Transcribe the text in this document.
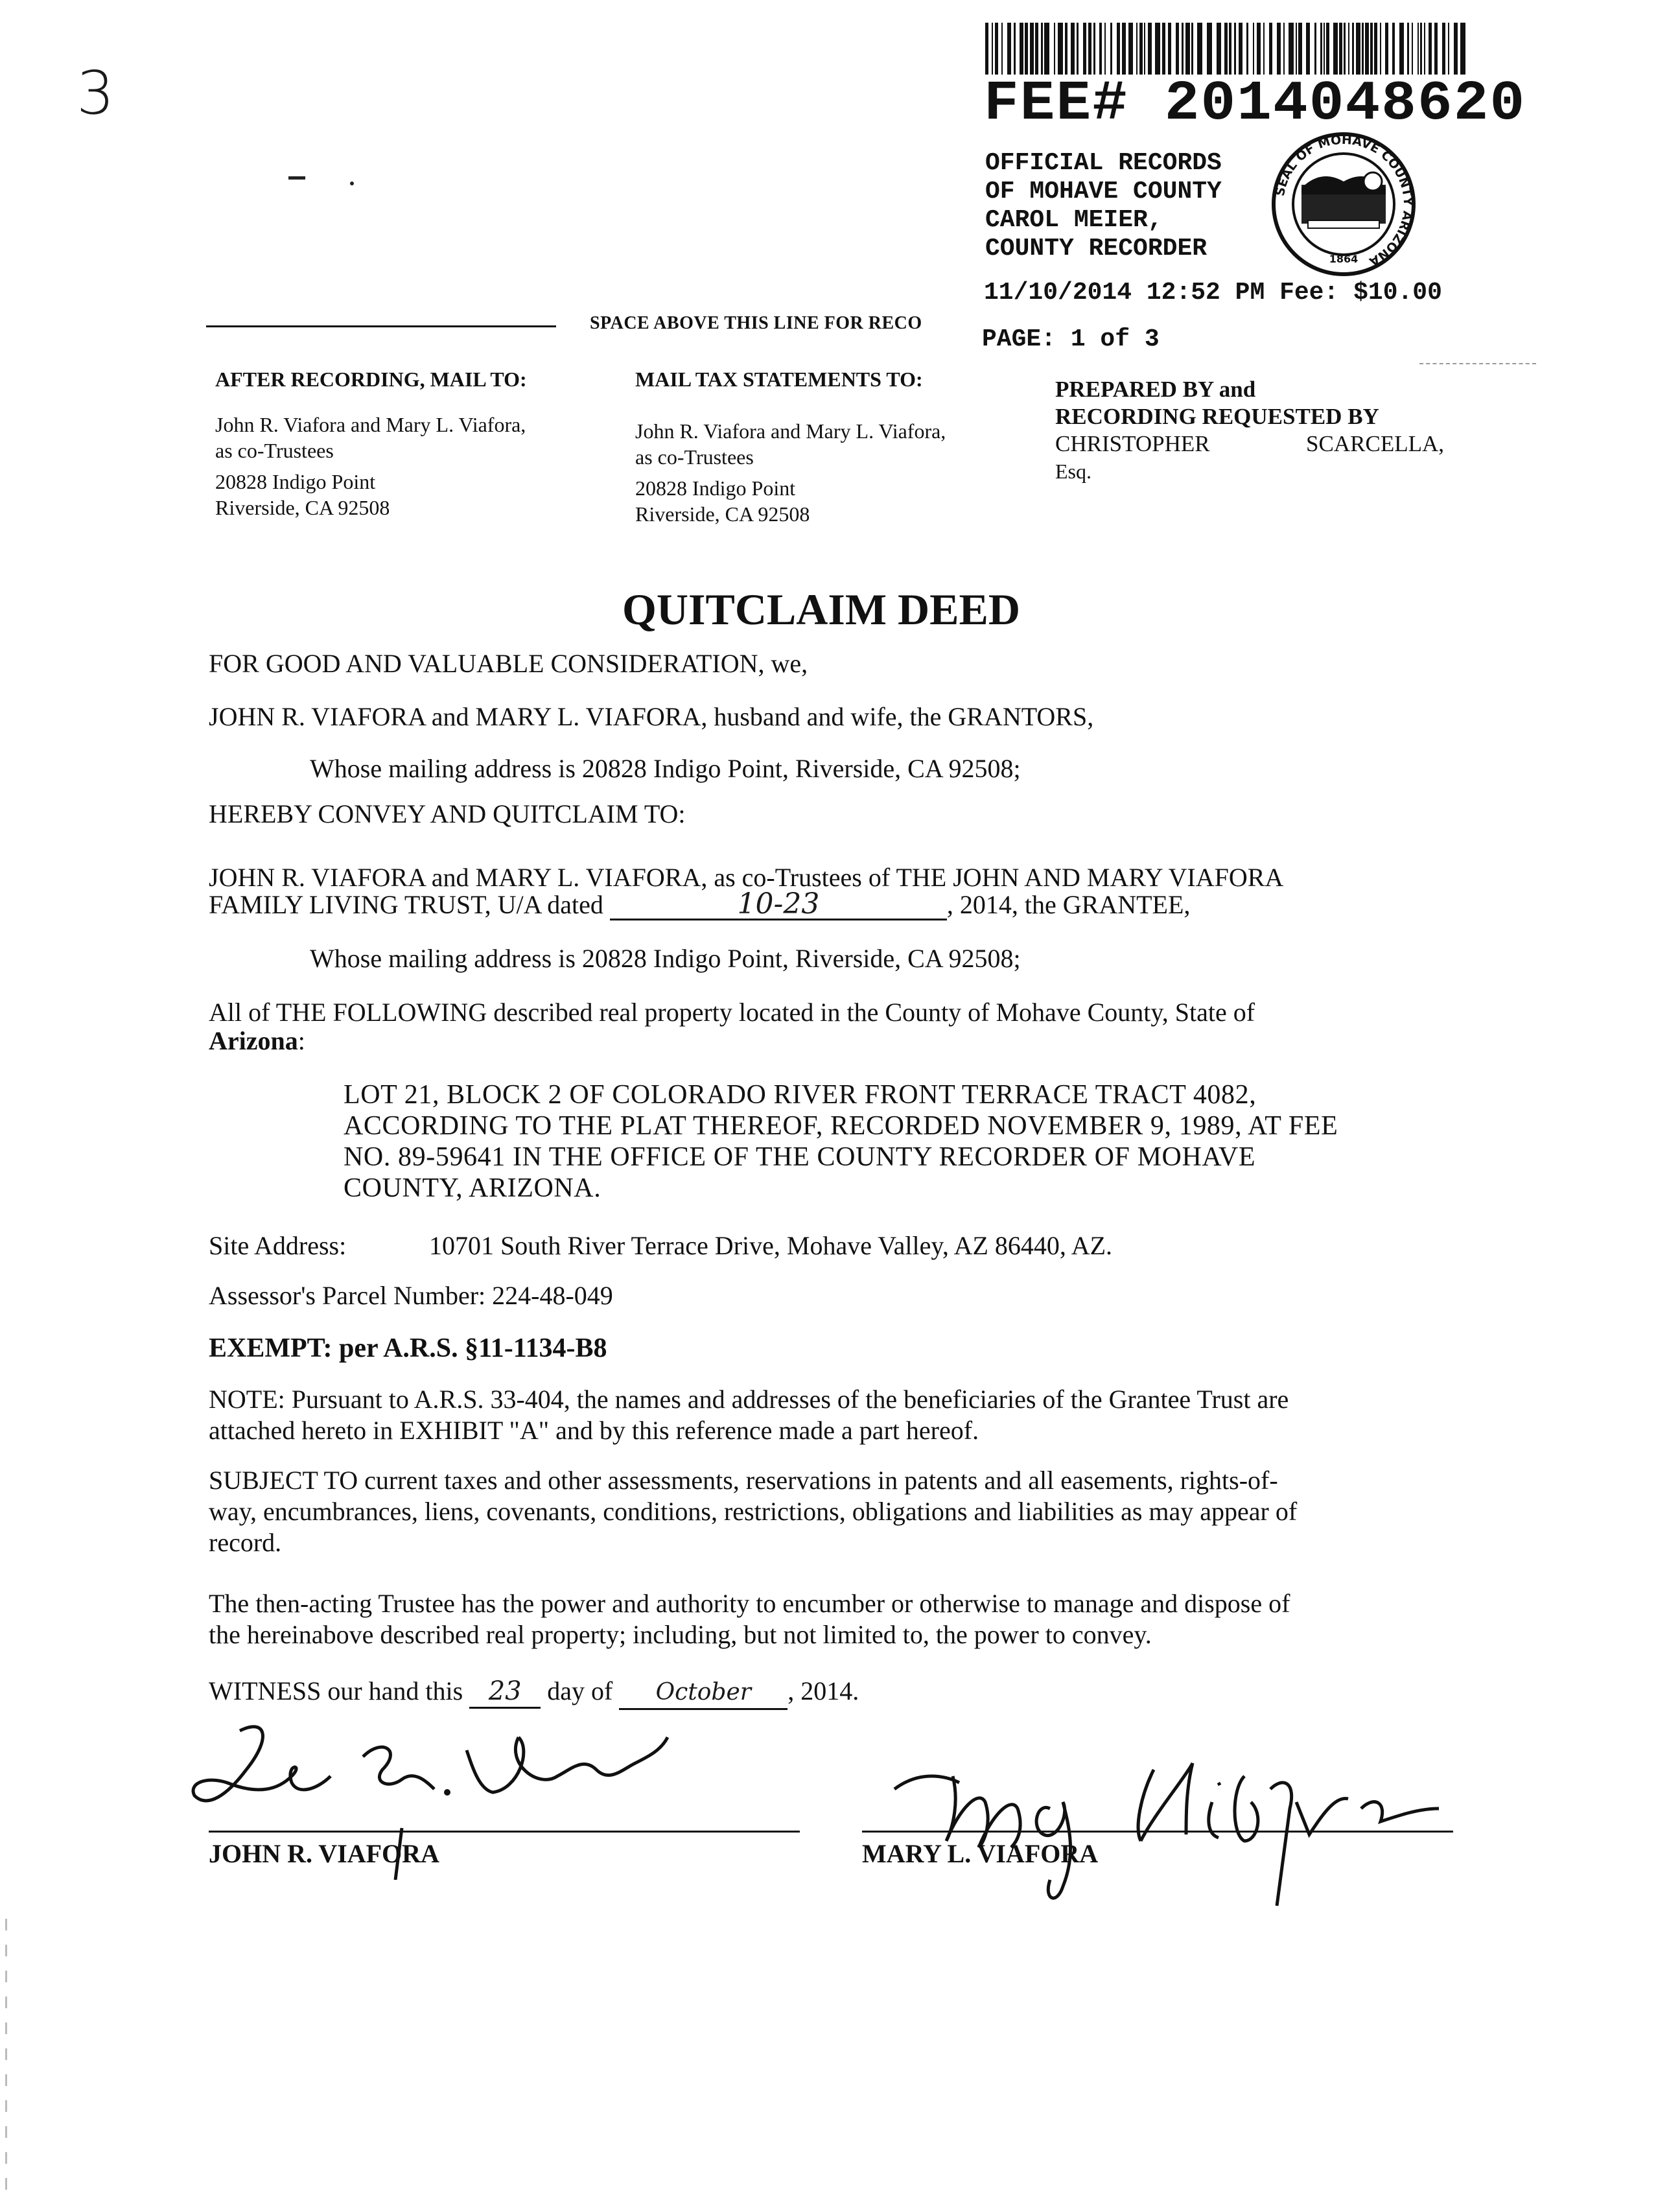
3	FEE# 2014048620
OFFICIAL RECORDS
OF MOHAVE COUNTY
CAROL MEIER,
COUNTY RECORDER
SEAL OF MOHAVE COUNTY ARIZONA
1864
11/10/2014 12:52 PM Fee: $10.00
SPACE ABOVE THIS LINE FOR RECO
PAGE: 1 of 3
AFTER RECORDING, MAIL TO:
John R. Viafora and Mary L. Viafora,
as co-Trustees
20828 Indigo Point
Riverside, CA 92508
MAIL TAX STATEMENTS TO:
John R. Viafora and Mary L. Viafora,
as co-Trustees
20828 Indigo Point
Riverside, CA 92508
PREPARED BY and
RECORDING REQUESTED BY
CHRISTOPHER	SCARCELLA,
Esq.
QUITCLAIM DEED
FOR GOOD AND VALUABLE CONSIDERATION, we,
JOHN R. VIAFORA and MARY L. VIAFORA, husband and wife, the GRANTORS,
Whose mailing address is 20828 Indigo Point, Riverside, CA 92508;
HEREBY CONVEY AND QUITCLAIM TO:
JOHN R. VIAFORA and MARY L. VIAFORA, as co-Trustees of THE JOHN AND MARY VIAFORA
FAMILY LIVING TRUST, U/A dated	10-23	, 2014, the GRANTEE,
Whose mailing address is 20828 Indigo Point, Riverside, CA 92508;
All of THE FOLLOWING described real property located in the County of Mohave County, State of
Arizona:
LOT 21, BLOCK 2 OF COLORADO RIVER FRONT TERRACE TRACT 4082,
ACCORDING TO THE PLAT THEREOF, RECORDED NOVEMBER 9, 1989, AT FEE
NO. 89-59641 IN THE OFFICE OF THE COUNTY RECORDER OF MOHAVE
COUNTY, ARIZONA.
Site Address:	10701 South River Terrace Drive, Mohave Valley, AZ 86440, AZ.
Assessor's Parcel Number: 224-48-049
EXEMPT: per A.R.S. §11-1134-B8
NOTE: Pursuant to A.R.S. 33-404, the names and addresses of the beneficiaries of the Grantee Trust are
attached hereto in EXHIBIT "A" and by this reference made a part hereof.
SUBJECT TO current taxes and other assessments, reservations in patents and all easements, rights-of-
way, encumbrances, liens, covenants, conditions, restrictions, obligations and liabilities as may appear of
record.
The then-acting Trustee has the power and authority to encumber or otherwise to manage and dispose of
the hereinabove described real property; including, but not limited to, the power to convey.
WITNESS our hand this 23 day of October , 2014.
JOHN R. VIAFORA	MARY L. VIAFORA
